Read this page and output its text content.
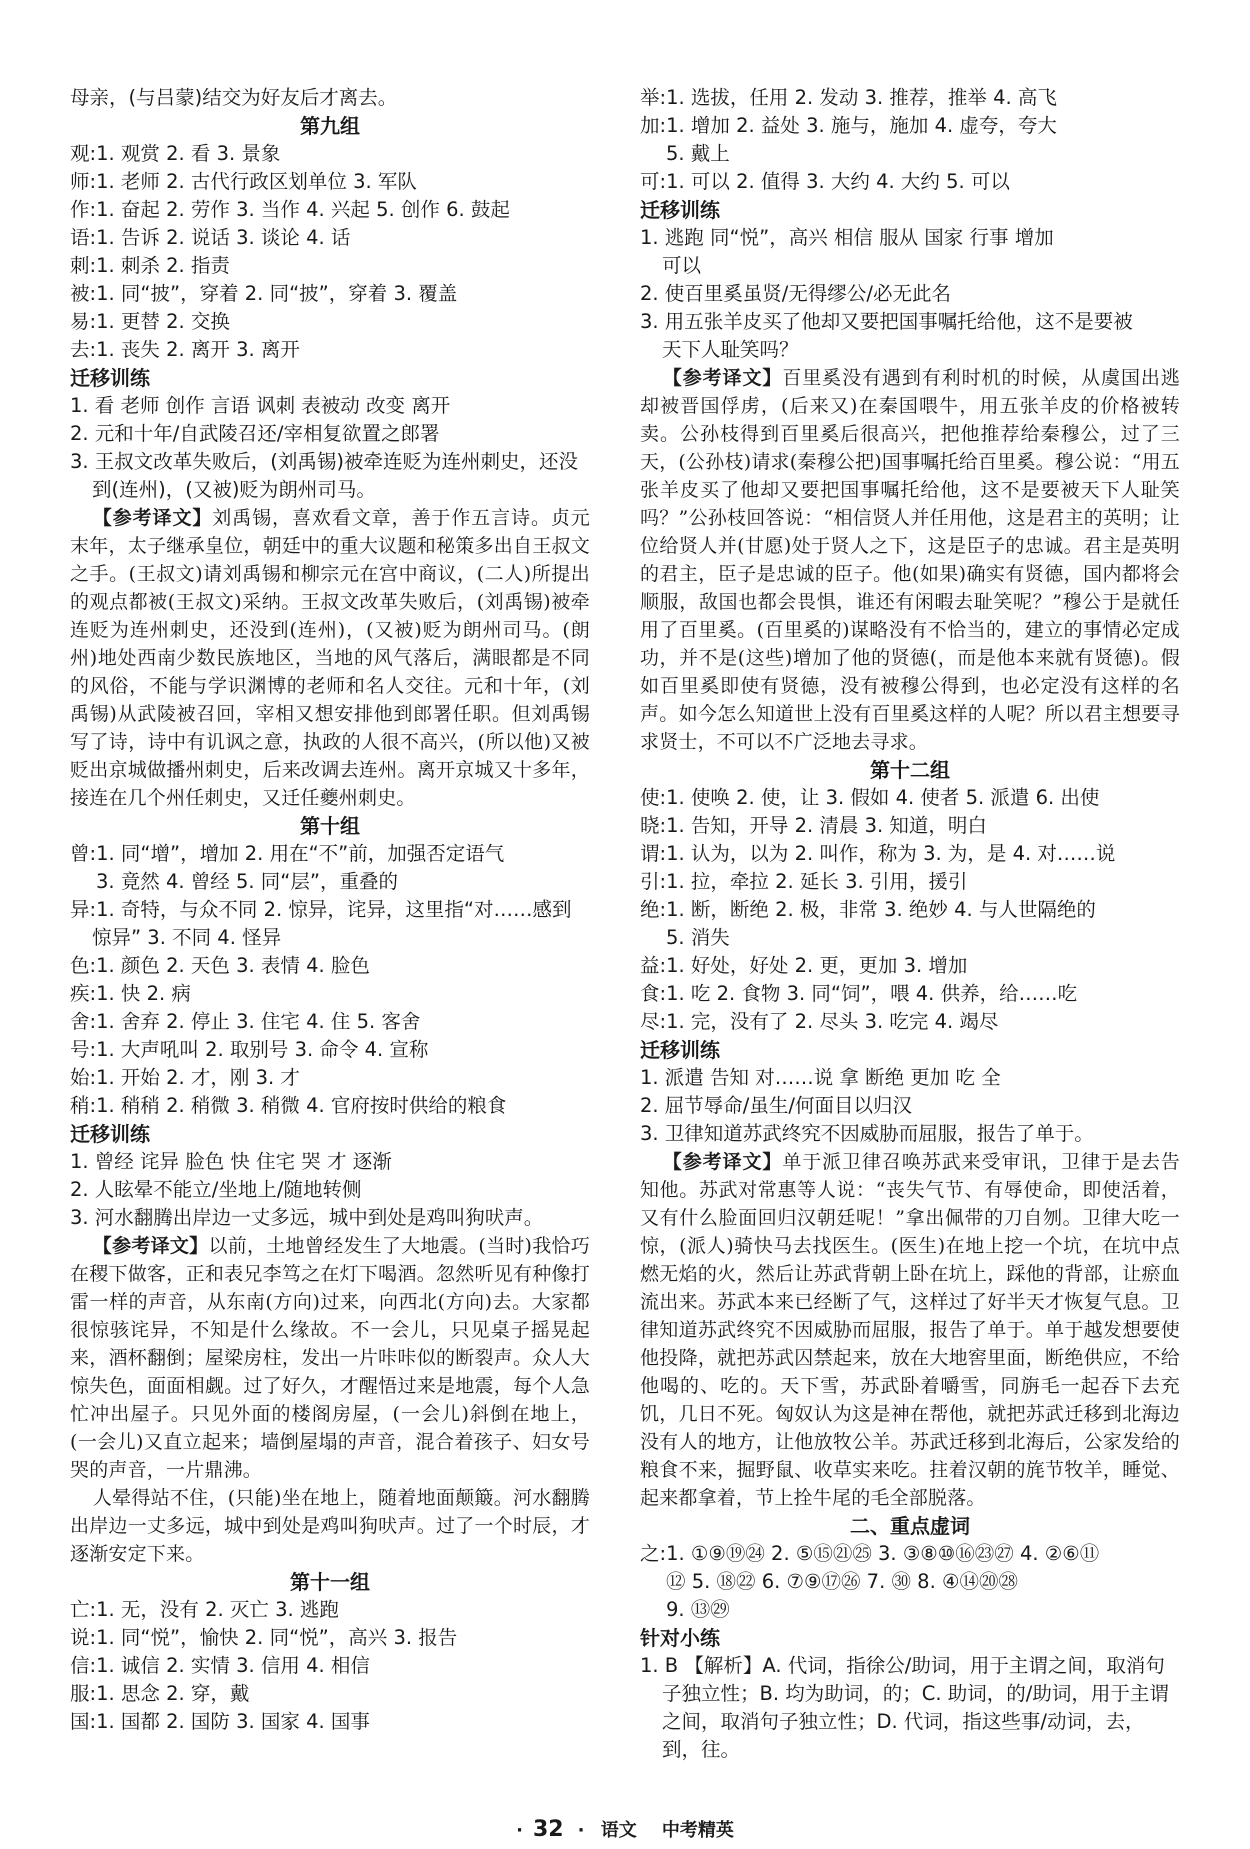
母亲，(与吕蒙)结交为好友后才离去。
第九组
观:1. 观赏 2. 看 3. 景象
师:1. 老师 2. 古代行政区划单位 3. 军队
作:1. 奋起 2. 劳作 3. 当作 4. 兴起 5. 创作 6. 鼓起
语:1. 告诉 2. 说话 3. 谈论 4. 话
刺:1. 刺杀 2. 指责
被:1. 同“披”，穿着 2. 同“披”，穿着 3. 覆盖
易:1. 更替 2. 交换
去:1. 丧失 2. 离开 3. 离开
迁移训练
1. 看 老师 创作 言语 讽刺 表被动 改变 离开
2. 元和十年/自武陵召还/宰相复欲置之郎署
3. 王叔文改革失败后，(刘禹锡)被牵连贬为连州刺史，还没
到(连州)，(又被)贬为朗州司马。
【参考译文】刘禹锡，喜欢看文章，善于作五言诗。贞元末年，太子继承皇位，朝廷中的重大议题和秘策多出自王叔文之手。(王叔文)请刘禹锡和柳宗元在宫中商议，(二人)所提出的观点都被(王叔文)采纳。王叔文改革失败后，(刘禹锡)被牵连贬为连州刺史，还没到(连州)，(又被)贬为朗州司马。(朗州)地处西南少数民族地区，当地的风气落后，满眼都是不同的风俗，不能与学识渊博的老师和名人交往。元和十年，(刘禹锡)从武陵被召回，宰相又想安排他到郎署任职。但刘禹锡写了诗，诗中有讥讽之意，执政的人很不高兴，(所以他)又被贬出京城做播州刺史，后来改调去连州。离开京城又十多年，接连在几个州任刺史，又迁任夔州刺史。
第十组
曾:1. 同“增”，增加 2. 用在“不”前，加强否定语气
3. 竟然 4. 曾经 5. 同“层”，重叠的
异:1. 奇特，与众不同 2. 惊异，诧异，这里指“对……感到
惊异” 3. 不同 4. 怪异
色:1. 颜色 2. 天色 3. 表情 4. 脸色
疾:1. 快 2. 病
舍:1. 舍弃 2. 停止 3. 住宅 4. 住 5. 客舍
号:1. 大声吼叫 2. 取别号 3. 命令 4. 宣称
始:1. 开始 2. 才，刚 3. 才
稍:1. 稍稍 2. 稍微 3. 稍微 4. 官府按时供给的粮食
迁移训练
1. 曾经 诧异 脸色 快 住宅 哭 才 逐渐
2. 人眩晕不能立/坐地上/随地转侧
3. 河水翻腾出岸边一丈多远，城中到处是鸡叫狗吠声。
【参考译文】以前，土地曾经发生了大地震。(当时)我恰巧在稷下做客，正和表兄李笃之在灯下喝酒。忽然听见有种像打雷一样的声音，从东南(方向)过来，向西北(方向)去。大家都很惊骇诧异，不知是什么缘故。不一会儿，只见桌子摇晃起来，酒杯翻倒；屋梁房柱，发出一片咔咔似的断裂声。众人大惊失色，面面相觑。过了好久，才醒悟过来是地震，每个人急忙冲出屋子。只见外面的楼阁房屋，(一会儿)斜倒在地上，(一会儿)又直立起来；墙倒屋塌的声音，混合着孩子、妇女号哭的声音，一片鼎沸。
人晕得站不住，(只能)坐在地上，随着地面颠簸。河水翻腾出岸边一丈多远，城中到处是鸡叫狗吠声。过了一个时辰，才逐渐安定下来。
第十一组
亡:1. 无，没有 2. 灭亡 3. 逃跑
说:1. 同“悦”，愉快 2. 同“悦”，高兴 3. 报告
信:1. 诚信 2. 实情 3. 信用 4. 相信
服:1. 思念 2. 穿，戴
国:1. 国都 2. 国防 3. 国家 4. 国事
举:1. 选拔，任用 2. 发动 3. 推荐，推举 4. 高飞
加:1. 增加 2. 益处 3. 施与，施加 4. 虚夸，夸大
5. 戴上
可:1. 可以 2. 值得 3. 大约 4. 大约 5. 可以
迁移训练
1. 逃跑 同“悦”，高兴 相信 服从 国家 行事 增加
可以
2. 使百里奚虽贤/无得缪公/必无此名
3. 用五张羊皮买了他却又要把国事嘱托给他，这不是要被
天下人耻笑吗？
【参考译文】百里奚没有遇到有利时机的时候，从虞国出逃却被晋国俘虏，(后来又)在秦国喂牛，用五张羊皮的价格被转卖。公孙枝得到百里奚后很高兴，把他推荐给秦穆公，过了三天，(公孙枝)请求(秦穆公把)国事嘱托给百里奚。穆公说：“用五张羊皮买了他却又要把国事嘱托给他，这不是要被天下人耻笑吗？”公孙枝回答说：“相信贤人并任用他，这是君主的英明；让位给贤人并(甘愿)处于贤人之下，这是臣子的忠诚。君主是英明的君主，臣子是忠诚的臣子。他(如果)确实有贤德，国内都将会顺服，敌国也都会畏惧，谁还有闲暇去耻笑呢？”穆公于是就任用了百里奚。(百里奚的)谋略没有不恰当的，建立的事情必定成功，并不是(这些)增加了他的贤德(，而是他本来就有贤德)。假如百里奚即使有贤德，没有被穆公得到，也必定没有这样的名声。如今怎么知道世上没有百里奚这样的人呢？所以君主想要寻求贤士，不可以不广泛地去寻求。
第十二组
使:1. 使唤 2. 使，让 3. 假如 4. 使者 5. 派遣 6. 出使
晓:1. 告知，开导 2. 清晨 3. 知道，明白
谓:1. 认为，以为 2. 叫作，称为 3. 为，是 4. 对……说
引:1. 拉，牵拉 2. 延长 3. 引用，援引
绝:1. 断，断绝 2. 极，非常 3. 绝妙 4. 与人世隔绝的
5. 消失
益:1. 好处，好处 2. 更，更加 3. 增加
食:1. 吃 2. 食物 3. 同“饲”，喂 4. 供养，给……吃
尽:1. 完，没有了 2. 尽头 3. 吃完 4. 竭尽
迁移训练
1. 派遣 告知 对……说 拿 断绝 更加 吃 全
2. 屈节辱命/虽生/何面目以归汉
3. 卫律知道苏武终究不因威胁而屈服，报告了单于。
【参考译文】单于派卫律召唤苏武来受审讯，卫律于是去告知他。苏武对常惠等人说：“丧失气节、有辱使命，即使活着，又有什么脸面回归汉朝廷呢！”拿出佩带的刀自刎。卫律大吃一惊，(派人)骑快马去找医生。(医生)在地上挖一个坑，在坑中点燃无焰的火，然后让苏武背朝上卧在坑上，踩他的背部，让瘀血流出来。苏武本来已经断了气，这样过了好半天才恢复气息。卫律知道苏武终究不因威胁而屈服，报告了单于。单于越发想要使他投降，就把苏武囚禁起来，放在大地窖里面，断绝供应，不给他喝的、吃的。天下雪，苏武卧着嚼雪，同旃毛一起吞下去充饥，几日不死。匈奴认为这是神在帮他，就把苏武迁移到北海边没有人的地方，让他放牧公羊。苏武迁移到北海后，公家发给的粮食不来，掘野鼠、收草实来吃。拄着汉朝的旄节牧羊，睡觉、起来都拿着，节上拴牛尾的毛全部脱落。
二、重点虚词
之:1. ①⑨⑲㉔ 2. ⑤⑮㉑㉕ 3. ③⑧⑩⑯㉓㉗ 4. ②⑥⑪
⑫ 5. ⑱㉒ 6. ⑦⑨⑰㉖ 7. ㉚ 8. ④⑭⑳㉘
9. ⑬㉙
针对小练
1. B 【解析】A. 代词，指徐公/助词，用于主谓之间，取消句
子独立性；B. 均为助词，的；C. 助词，的/助词，用于主谓
之间，取消句子独立性；D. 代词，指这些事/动词，去，
到，往。
· 32 · 语文 中考精英
